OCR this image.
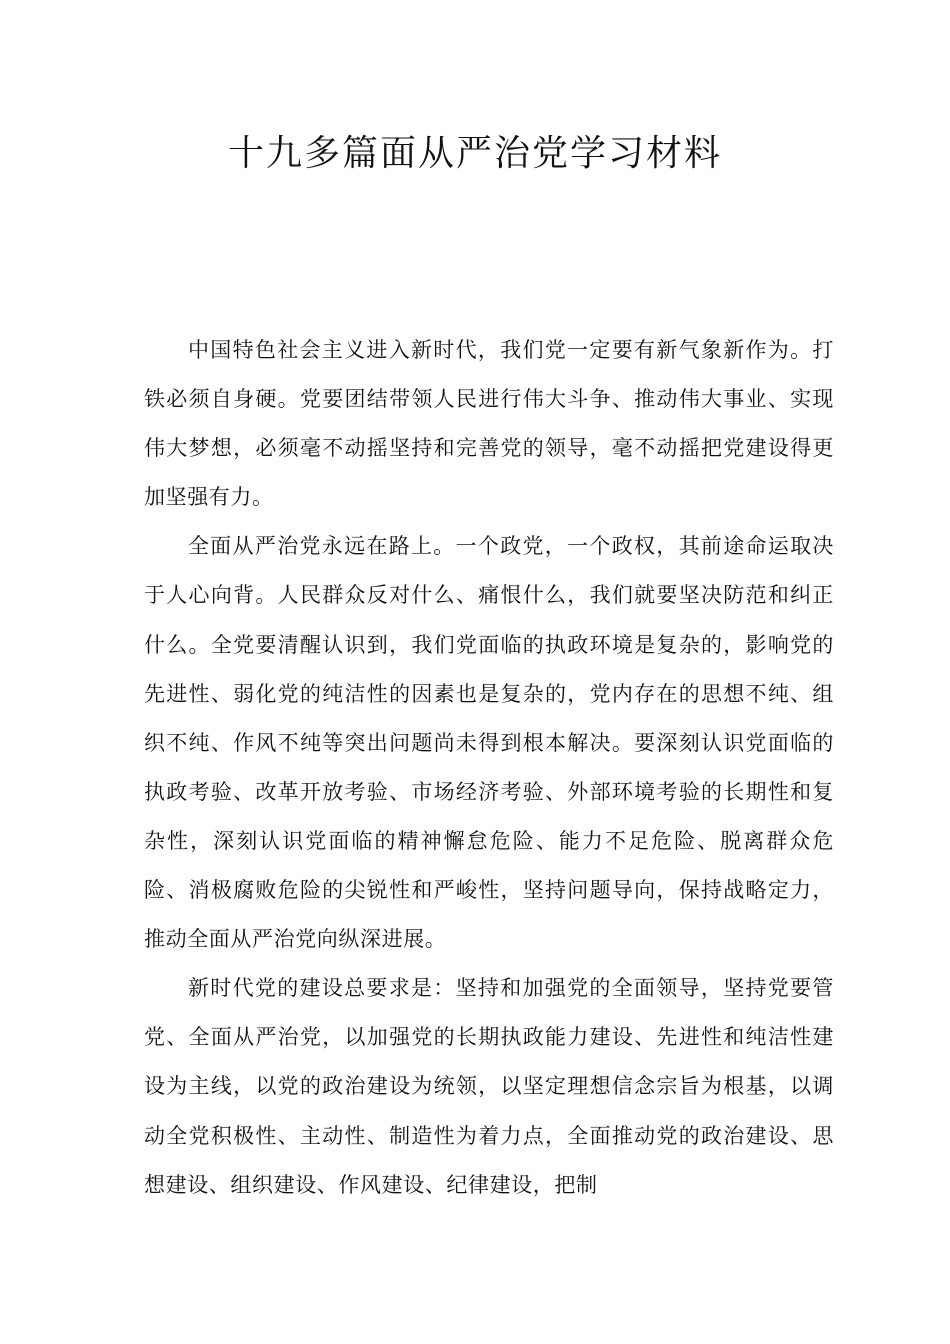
十九多篇面从严治党学习材料

中国特色社会主义进入新时代，我们党一定要有新气象新作为。打铁必须自身硬。党要团结带领人民进行伟大斗争、推动伟大事业、实现伟大梦想，必须毫不动摇坚持和完善党的领导，毫不动摇把党建设得更加坚强有力。

全面从严治党永远在路上。一个政党，一个政权，其前途命运取决于人心向背。人民群众反对什么、痛恨什么，我们就要坚决防范和纠正什么。全党要清醒认识到，我们党面临的执政环境是复杂的，影响党的先进性、弱化党的纯洁性的因素也是复杂的，党内存在的思想不纯、组织不纯、作风不纯等突出问题尚未得到根本解决。要深刻认识党面临的执政考验、改革开放考验、市场经济考验、外部环境考验的长期性和复杂性，深刻认识党面临的精神懈怠危险、能力不足危险、脱离群众危险、消极腐败危险的尖锐性和严峻性，坚持问题导向，保持战略定力，推动全面从严治党向纵深进展。

新时代党的建设总要求是：坚持和加强党的全面领导，坚持党要管党、全面从严治党，以加强党的长期执政能力建设、先进性和纯洁性建设为主线，以党的政治建设为统领，以坚定理想信念宗旨为根基，以调动全党积极性、主动性、制造性为着力点，全面推动党的政治建设、思想建设、组织建设、作风建设、纪律建设，把制
